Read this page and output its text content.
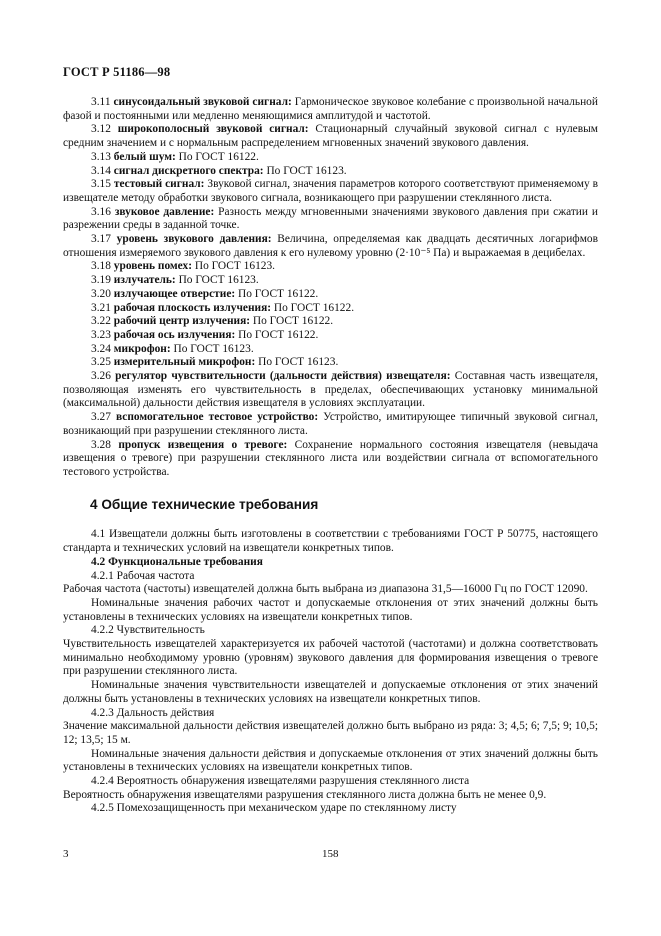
ГОСТ Р 51186—98

3.11 синусоидальный звуковой сигнал: Гармоническое звуковое колебание с произвольной начальной фазой и постоянными или медленно меняющимися амплитудой и частотой.

3.12 широкополосный звуковой сигнал: Стационарный случайный звуковой сигнал с нулевым средним значением и с нормальным распределением мгновенных значений звукового давления.

3.13 белый шум: По ГОСТ 16122.

3.14 сигнал дискретного спектра: По ГОСТ 16123.

3.15 тестовый сигнал: Звуковой сигнал, значения параметров которого соответствуют применяемому в извещателе методу обработки звукового сигнала, возникающего при разрушении стеклянного листа.

3.16 звуковое давление: Разность между мгновенными значениями звукового давления при сжатии и разрежении среды в заданной точке.

3.17 уровень звукового давления: Величина, определяемая как двадцать десятичных логарифмов отношения измеряемого звукового давления к его нулевому уровню (2·10⁻⁵ Па) и выражаемая в децибелах.

3.18 уровень помех: По ГОСТ 16123.

3.19 излучатель: По ГОСТ 16123.

3.20 излучающее отверстие: По ГОСТ 16122.

3.21 рабочая плоскость излучения: По ГОСТ 16122.

3.22 рабочий центр излучения: По ГОСТ 16122.

3.23 рабочая ось излучения: По ГОСТ 16122.

3.24 микрофон: По ГОСТ 16123.

3.25 измерительный микрофон: По ГОСТ 16123.

3.26 регулятор чувствительности (дальности действия) извещателя: Составная часть извещателя, позволяющая изменять его чувствительность в пределах, обеспечивающих установку минимальной (максимальной) дальности действия извещателя в условиях эксплуатации.

3.27 вспомогательное тестовое устройство: Устройство, имитирующее типичный звуковой сигнал, возникающий при разрушении стеклянного листа.

3.28 пропуск извещения о тревоге: Сохранение нормального состояния извещателя (невыдача извещения о тревоге) при разрушении стеклянного листа или воздействии сигнала от вспомогательного тестового устройства.

4 Общие технические требования

4.1 Извещатели должны быть изготовлены в соответствии с требованиями ГОСТ Р 50775, настоящего стандарта и технических условий на извещатели конкретных типов.

4.2 Функциональные требования

4.2.1 Рабочая частота

Рабочая частота (частоты) извещателей должна быть выбрана из диапазона 31,5—16000 Гц по ГОСТ 12090.

Номинальные значения рабочих частот и допускаемые отклонения от этих значений должны быть установлены в технических условиях на извещатели конкретных типов.

4.2.2 Чувствительность

Чувствительность извещателей характеризуется их рабочей частотой (частотами) и должна соответствовать минимально необходимому уровню (уровням) звукового давления для формирования извещения о тревоге при разрушении стеклянного листа.

Номинальные значения чувствительности извещателей и допускаемые отклонения от этих значений должны быть установлены в технических условиях на извещатели конкретных типов.

4.2.3 Дальность действия

Значение максимальной дальности действия извещателей должно быть выбрано из ряда: 3; 4,5; 6; 7,5; 9; 10,5; 12; 13,5; 15 м.

Номинальные значения дальности действия и допускаемые отклонения от этих значений должны быть установлены в технических условиях на извещатели конкретных типов.

4.2.4 Вероятность обнаружения извещателями разрушения стеклянного листа

Вероятность обнаружения извещателями разрушения стеклянного листа должна быть не менее 0,9.

4.2.5 Помехозащищенность при механическом ударе по стеклянному листу

3	158
